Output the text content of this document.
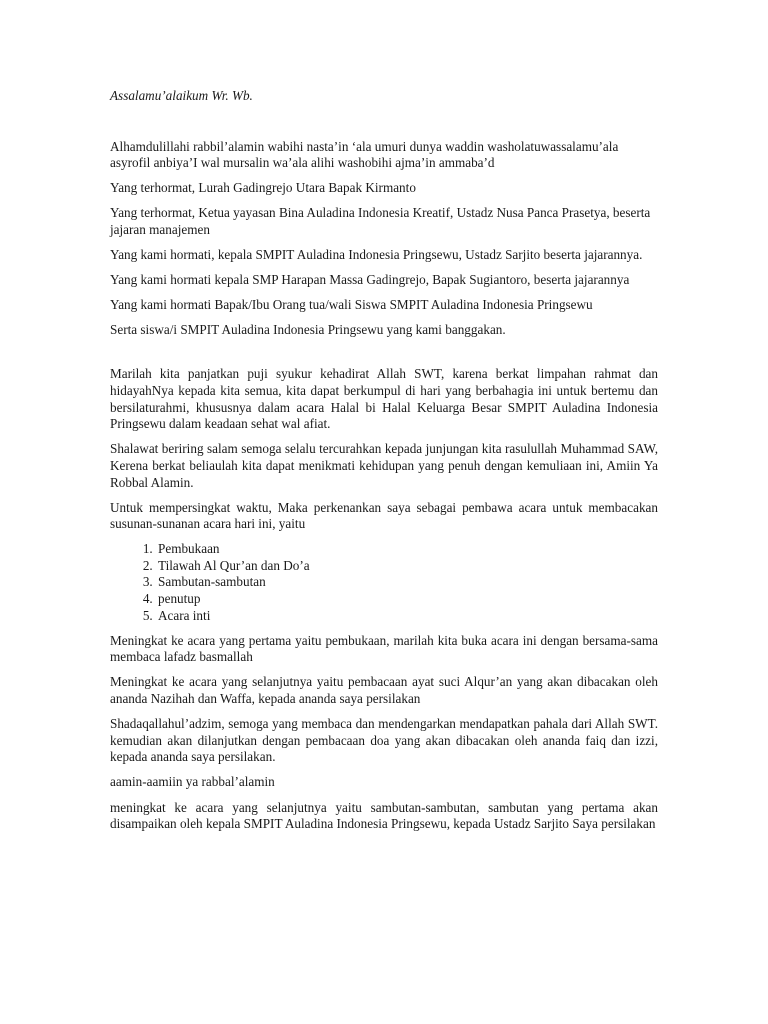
Assalamu’alaikum Wr. Wb.

Alhamdulillahi rabbil’alamin wabihi nasta’in ‘ala umuri dunya waddin washolatuwassalamu’ala asyrofil anbiya’I wal mursalin wa’ala alihi washobihi ajma’in ammaba’d

Yang terhormat, Lurah Gadingrejo Utara Bapak Kirmanto

Yang terhormat, Ketua yayasan Bina Auladina Indonesia Kreatif, Ustadz Nusa Panca Prasetya, beserta jajaran manajemen

Yang kami hormati, kepala SMPIT Auladina Indonesia Pringsewu, Ustadz Sarjito beserta jajarannya.

Yang kami hormati kepala SMP Harapan Massa Gadingrejo, Bapak Sugiantoro, beserta jajarannya

Yang kami hormati Bapak/Ibu Orang tua/wali Siswa SMPIT Auladina Indonesia Pringsewu

Serta siswa/i SMPIT Auladina Indonesia Pringsewu yang kami banggakan.

Marilah kita panjatkan puji syukur kehadirat Allah SWT, karena berkat limpahan rahmat dan hidayahNya kepada kita semua, kita dapat berkumpul di hari yang berbahagia ini untuk bertemu dan bersilaturahmi, khususnya dalam acara Halal bi Halal Keluarga Besar SMPIT Auladina Indonesia Pringsewu dalam keadaan sehat wal afiat.

Shalawat beriring salam semoga selalu tercurahkan kepada junjungan kita rasulullah Muhammad SAW, Kerena berkat beliaulah kita dapat menikmati kehidupan yang penuh dengan kemuliaan ini, Amiin Ya Robbal Alamin.

Untuk mempersingkat waktu, Maka perkenankan saya sebagai pembawa acara untuk membacakan susunan-sunanan acara hari ini, yaitu

1. Pembukaan
2. Tilawah Al Qur’an dan Do’a
3. Sambutan-sambutan
4. penutup
5. Acara inti

Meningkat ke acara yang pertama yaitu pembukaan, marilah kita buka acara ini dengan bersama-sama membaca lafadz basmallah

Meningkat ke acara yang selanjutnya yaitu pembacaan ayat suci Alqur’an yang akan dibacakan oleh ananda Nazihah dan Waffa, kepada ananda saya persilakan

Shadaqallahul’adzim, semoga yang membaca dan mendengarkan mendapatkan pahala dari Allah SWT. kemudian akan dilanjutkan dengan pembacaan doa yang akan dibacakan oleh ananda faiq dan izzi, kepada ananda saya persilakan.

aamin-aamiin ya rabbal’alamin

meningkat ke acara yang selanjutnya yaitu sambutan-sambutan, sambutan yang pertama akan disampaikan oleh kepala SMPIT Auladina Indonesia Pringsewu, kepada Ustadz Sarjito Saya persilakan
